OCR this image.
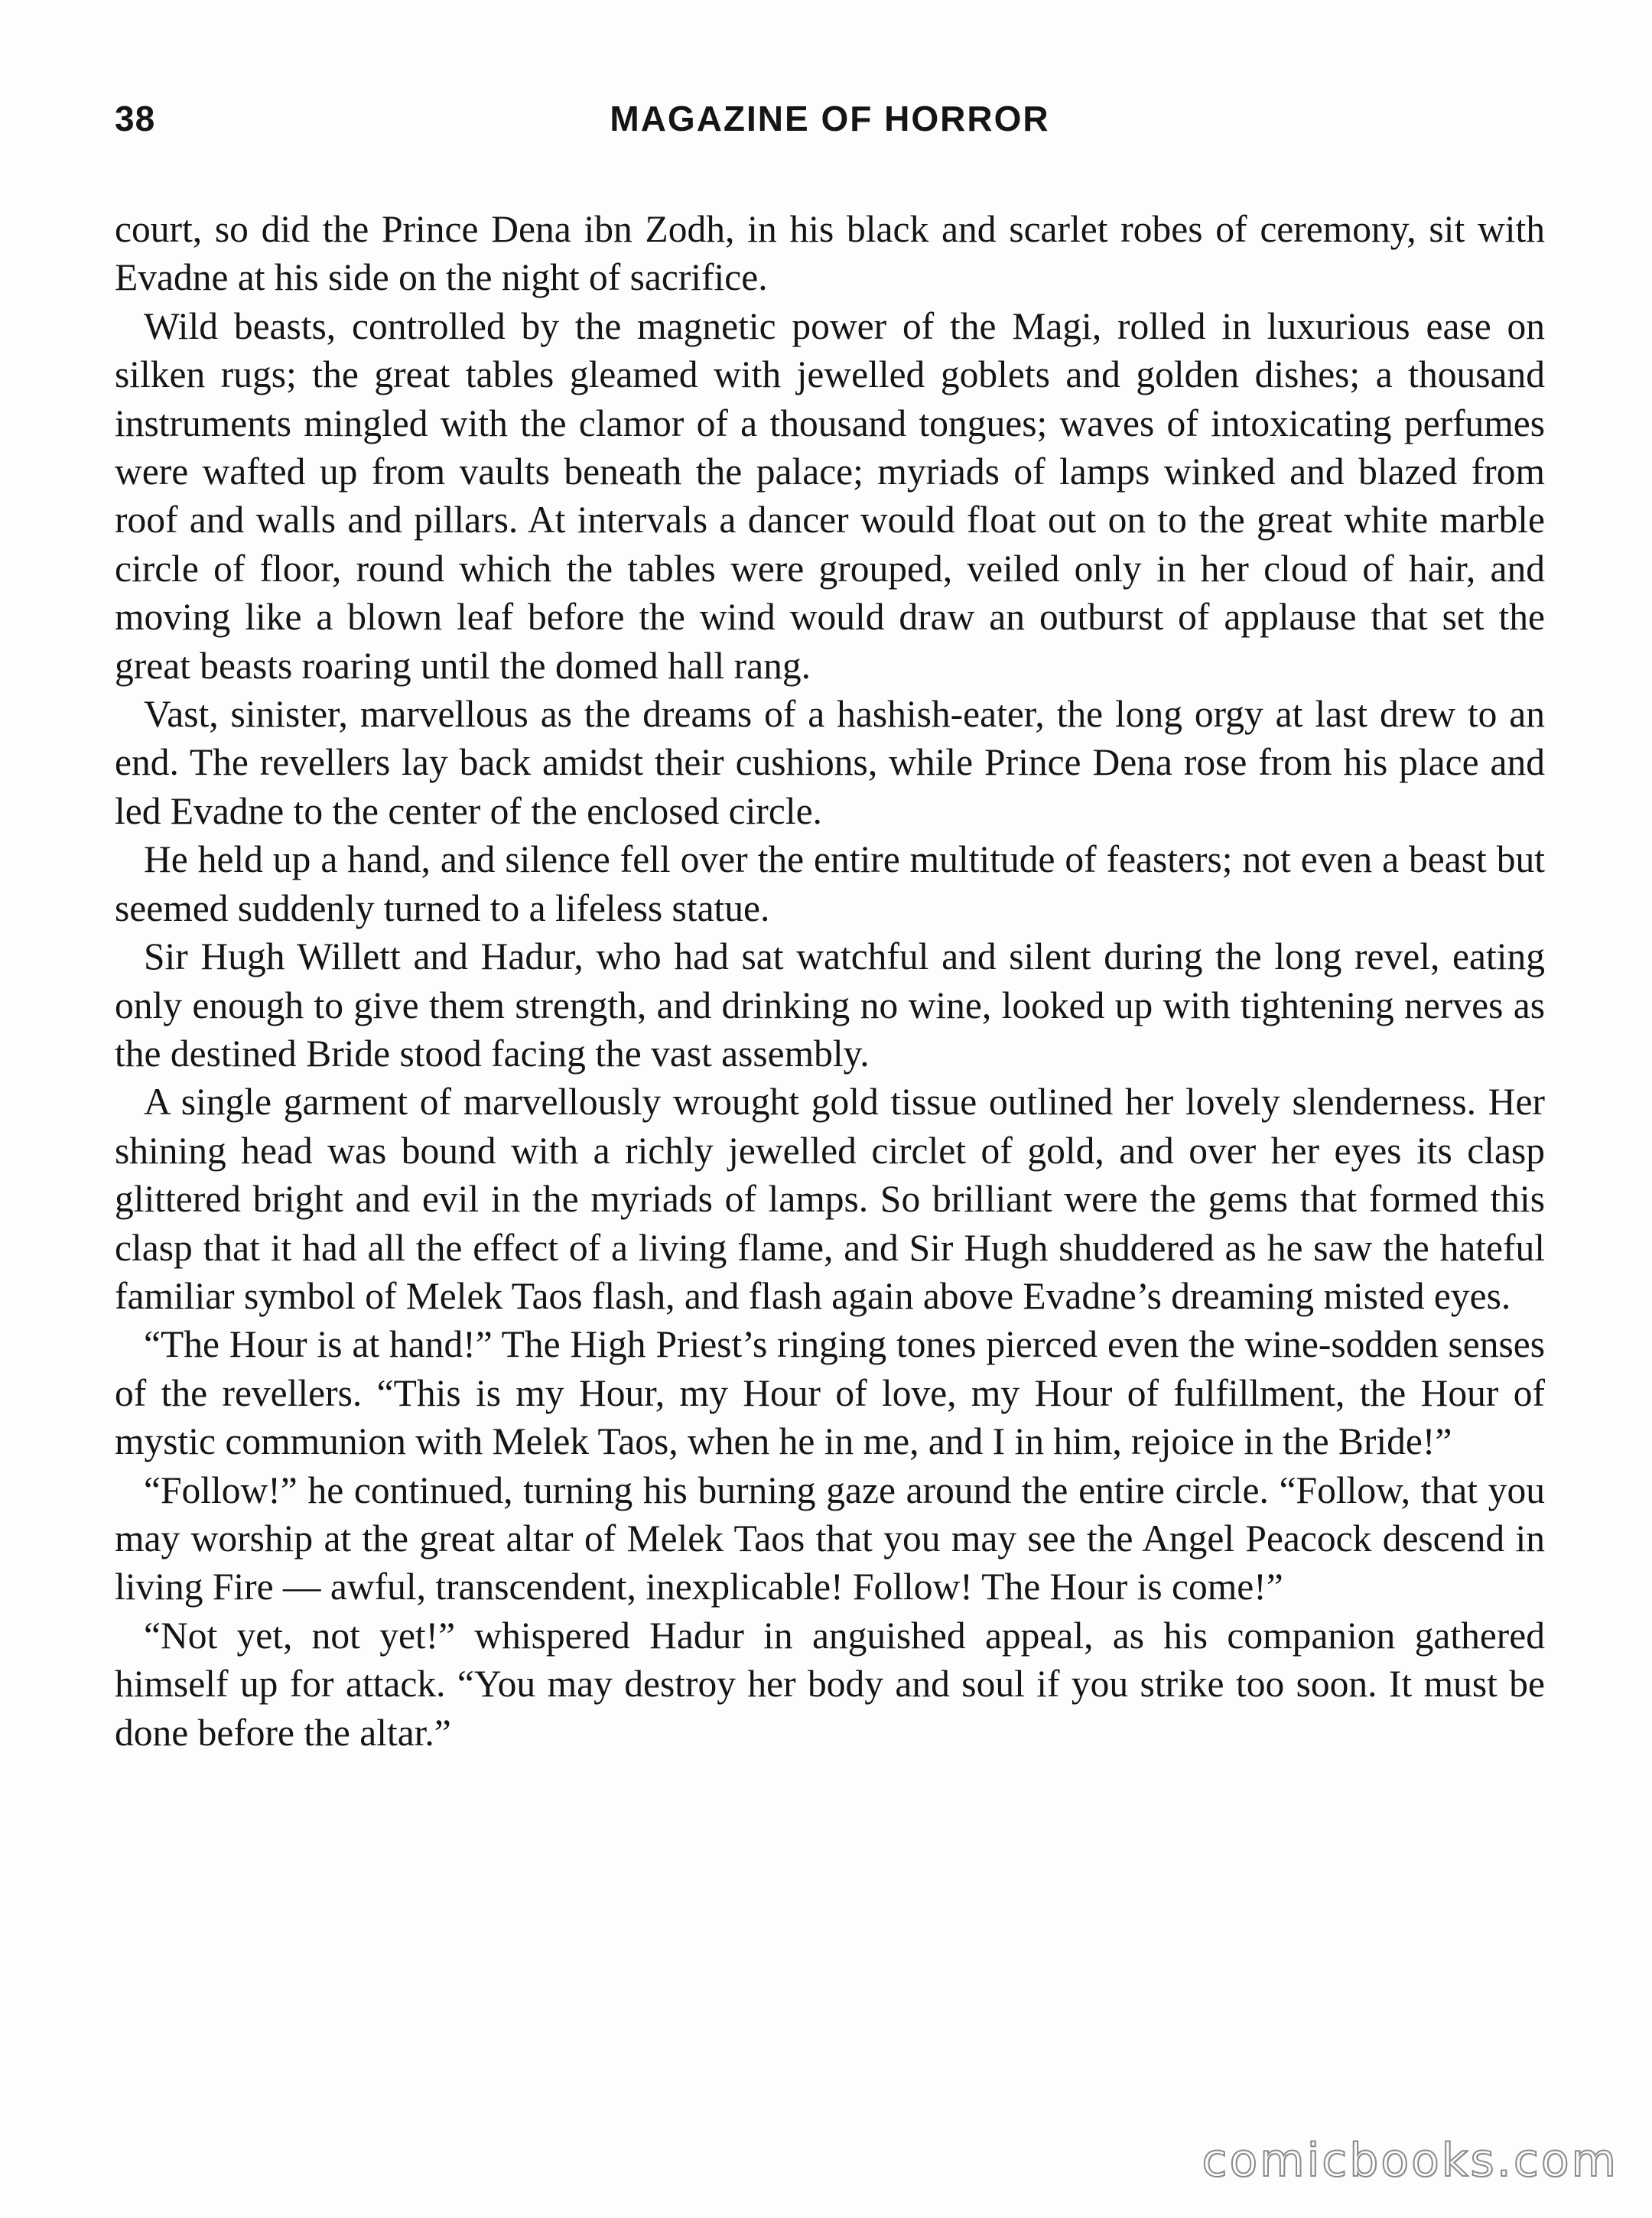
38	MAGAZINE OF HORROR

court, so did the Prince Dena ibn Zodh, in his black and scarlet robes of ceremony, sit with Evadne at his side on the night of sacrifice.

Wild beasts, controlled by the magnetic power of the Magi, rolled in luxurious ease on silken rugs; the great tables gleamed with jewelled goblets and golden dishes; a thousand instruments mingled with the clamor of a thousand tongues; waves of intoxicating perfumes were wafted up from vaults beneath the palace; myriads of lamps winked and blazed from roof and walls and pillars. At intervals a dancer would float out on to the great white marble circle of floor, round which the tables were grouped, veiled only in her cloud of hair, and moving like a blown leaf before the wind would draw an outburst of applause that set the great beasts roaring until the domed hall rang.

Vast, sinister, marvellous as the dreams of a hashish-eater, the long orgy at last drew to an end. The revellers lay back amidst their cushions, while Prince Dena rose from his place and led Evadne to the center of the enclosed circle.

He held up a hand, and silence fell over the entire multitude of feasters; not even a beast but seemed suddenly turned to a lifeless statue.

Sir Hugh Willett and Hadur, who had sat watchful and silent during the long revel, eating only enough to give them strength, and drinking no wine, looked up with tightening nerves as the destined Bride stood facing the vast assembly.

A single garment of marvellously wrought gold tissue outlined her lovely slenderness. Her shining head was bound with a richly jewelled circlet of gold, and over her eyes its clasp glittered bright and evil in the myriads of lamps. So brilliant were the gems that formed this clasp that it had all the effect of a living flame, and Sir Hugh shuddered as he saw the hateful familiar symbol of Melek Taos flash, and flash again above Evadne’s dreaming misted eyes.

“The Hour is at hand!” The High Priest’s ringing tones pierced even the wine-sodden senses of the revellers. “This is my Hour, my Hour of love, my Hour of fulfillment, the Hour of mystic communion with Melek Taos, when he in me, and I in him, rejoice in the Bride!”

“Follow!” he continued, turning his burning gaze around the entire circle. “Follow, that you may worship at the great altar of Melek Taos that you may see the Angel Peacock descend in living Fire — awful, transcendent, inexplicable! Follow! The Hour is come!”

“Not yet, not yet!” whispered Hadur in anguished appeal, as his companion gathered himself up for attack. “You may destroy her body and soul if you strike too soon. It must be done before the altar.”

comicbooks.com
